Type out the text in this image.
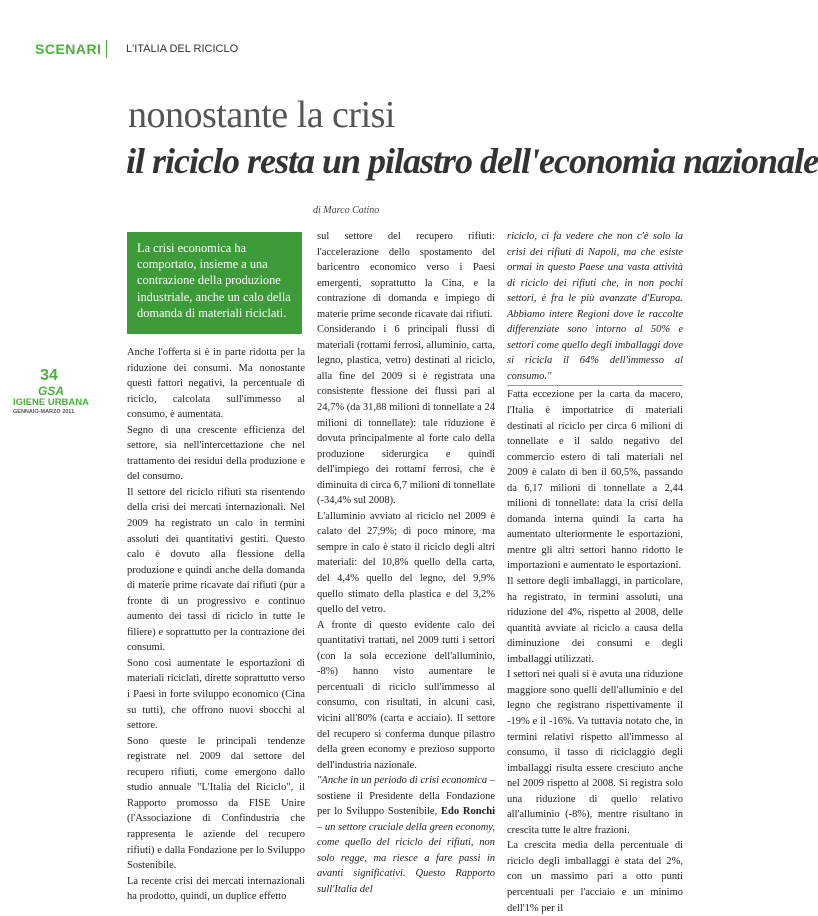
SCENARI L'ITALIA DEL RICICLO
nonostante la crisi
il riciclo resta un pilastro dell'economia nazionale
di Marco Catino
La crisi economica ha comportato, insieme a una contrazione della produzione industriale, anche un calo della domanda di materiali riciclati.
34
GSA
IGIENE URBANA
GENNAIO-MARZO 2011

Anche l'offerta si è in parte ridotta per la riduzione dei consumi. Ma nonostante questi fattori negativi, la percentuale di riciclo, calcolata sull'immesso al consumo, è aumentata.

Segno di una crescente efficienza del settore, sia nell'intercettazione che nel trattamento dei residui della produzione e del consumo.

Il settore del riciclo rifiuti sta risentendo della crisi dei mercati internazionali. Nel 2009 ha registrato un calo in termini assoluti dei quantitativi gestiti. Questo calo è dovuto alla flessione della produzione e quindi anche della domanda di materie prime ricavate dai rifiuti (pur a fronte di un progressivo e continuo aumento dei tassi di riciclo in tutte le filiere) e soprattutto per la contrazione dei consumi.

Sono così aumentate le esportazioni di materiali riciclati, dirette soprattutto verso i Paesi in forte sviluppo economico (Cina su tutti), che offrono nuovi sbocchi al settore.

Sono queste le principali tendenze registrate nel 2009 dal settore del recupero rifiuti, come emergono dallo studio annuale "L'Italia del Riciclo", il Rapporto promosso da FISE Unire (l'Associazione di Confindustria che rappresenta le aziende del recupero rifiuti) e dalla Fondazione per lo Sviluppo Sostenibile.

La recente crisi dei mercati internazionali ha prodotto, quindi, un duplice effetto

sul settore del recupero rifiuti: l'accelerazione dello spostamento del baricentro economico verso i Paesi emergenti, soprattutto la Cina, e la contrazione di domanda e impiego di materie prime seconde ricavate dai rifiuti.

Considerando i 6 principali flussi di materiali (rottami ferrosi, alluminio, carta, legno, plastica, vetro) destinati al riciclo, alla fine del 2009 si è registrata una consistente flessione dei flussi pari al 24,7% (da 31,88 milioni di tonnellate a 24 milioni di tonnellate): tale riduzione è dovuta principalmente al forte calo della produzione siderurgica e quindi dell'impiego dei rottami ferrosi, che è diminuita di circa 6,7 milioni di tonnellate (-34,4% sul 2008).

L'alluminio avviato al riciclo nel 2009 è calato del 27,9%; di poco minore, ma sempre in calo è stato il riciclo degli altri materiali: del 10,8% quello della carta, del 4,4% quello del legno, del 9,9% quello stimato della plastica e del 3,2% quello del vetro.

A fronte di questo evidente calo dei quantitativi trattati, nel 2009 tutti i settori (con la sola eccezione dell'alluminio, -8%) hanno visto aumentare le percentuali di riciclo sull'immesso al consumo, con risultati, in alcuni casi, vicini all'80% (carta e acciaio). Il settore del recupero si conferma dunque pilastro della green economy e prezioso supporto dell'industria nazionale.

"Anche in un periodo di crisi economica – sostiene il Presidente della Fondazione per lo Sviluppo Sostenibile, Edo Ronchi – un settore cruciale della green economy, come quello del riciclo dei rifiuti, non solo regge, ma riesce a fare passi in avanti significativi. Questo Rapporto sull'Italia del

riciclo, ci fa vedere che non c'è solo la crisi dei rifiuti di Napoli, ma che esiste ormai in questo Paese una vasta attività di riciclo dei rifiuti che, in non pochi settori, è fra le più avanzate d'Europa. Abbiamo intere Regioni dove le raccolte differenziate sono intorno al 50% e settori come quello degli imballaggi dove si ricicla il 64% dell'immesso al consumo."

Fatta eccezione per la carta da macero, l'Italia è importatrice di materiali destinati al riciclo per circa 6 milioni di tonnellate e il saldo negativo del commercio estero di tali materiali nel 2009 è calato di ben il 60,5%, passando da 6,17 milioni di tonnellate a 2,44 milioni di tonnellate: data la crisi della domanda interna quindi la carta ha aumentato ulteriormente le esportazioni, mentre gli altri settori hanno ridotto le importazioni e aumentato le esportazioni.

Il settore degli imballaggi, in particolare, ha registrato, in termini assoluti, una riduzione del 4%, rispetto al 2008, delle quantità avviate al riciclo a causa della diminuzione dei consumi e degli imballaggi utilizzati.

I settori nei quali si è avuta una riduzione maggiore sono quelli dell'alluminio e del legno che registrano rispettivamente il -19% e il -16%. Va tuttavia notato che, in termini relativi rispetto all'immesso al consumo, il tasso di riciclaggio degli imballaggi risulta essere cresciuto anche nel 2009 rispetto al 2008. Si registra solo una riduzione di quello relativo all'alluminio (-8%), mentre risultano in crescita tutte le altre frazioni.

La crescita media della percentuale di riciclo degli imballaggi è stata del 2%, con un massimo pari a otto punti percentuali per l'acciaio e un minimo dell'1% per il
